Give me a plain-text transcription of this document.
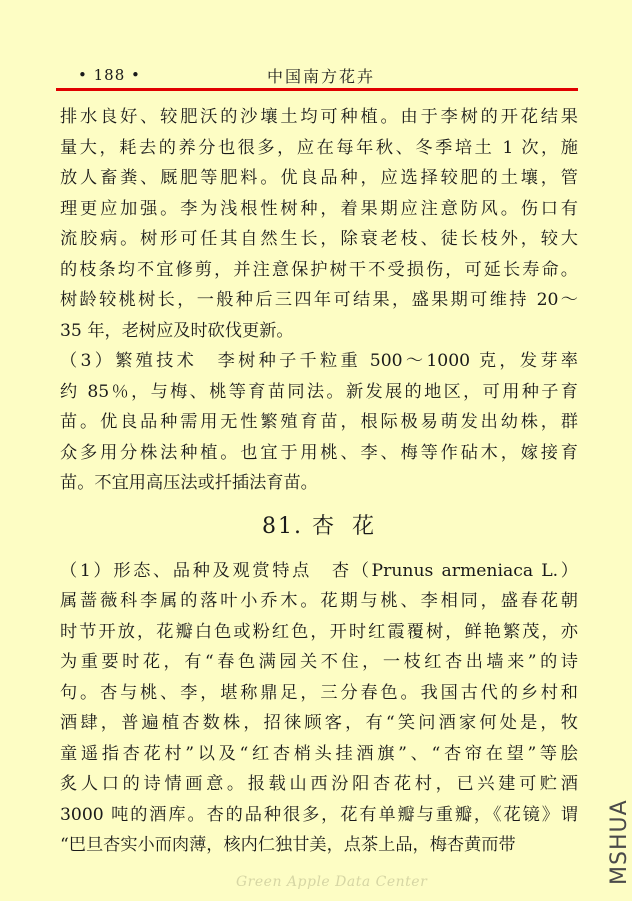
• 188 •	中国南方花卉

排水良好、较肥沃的沙壤土均可种植。由于李树的开花结果

量大，耗去的养分也很多，应在每年秋、冬季培土 1 次，施

放人畜粪、厩肥等肥料。优良品种，应选择较肥的土壤，管

理更应加强。李为浅根性树种，着果期应注意防风。伤口有

流胶病。树形可任其自然生长，除衰老枝、徒长枝外，较大

的枝条均不宜修剪，并注意保护树干不受损伤，可延长寿命。

树龄较桃树长，一般种后三四年可结果，盛果期可维持 20～

35 年，老树应及时砍伐更新。

（3）繁殖技术　李树种子千粒重 500～1000 克，发芽率

约 85％，与梅、桃等育苗同法。新发展的地区，可用种子育

苗。优良品种需用无性繁殖育苗，根际极易萌发出幼株，群

众多用分株法种植。也宜于用桃、李、梅等作砧木，嫁接育

苗。不宜用高压法或扦插法育苗。

81. 杏 花

（1）形态、品种及观赏特点　杏（Prunus armeniaca L.）

属蔷薇科李属的落叶小乔木。花期与桃、李相同，盛春花朝

时节开放，花瓣白色或粉红色，开时红霞覆树，鲜艳繁茂，亦

为重要时花，有“春色满园关不住，一枝红杏出墙来”的诗

句。杏与桃、李，堪称鼎足，三分春色。我国古代的乡村和

酒肆，普遍植杏数株，招徕顾客，有“笑问酒家何处是，牧

童遥指杏花村”以及“红杏梢头挂酒旗”、“杏帘在望”等脍

炙人口的诗情画意。报载山西汾阳杏花村，已兴建可贮酒

3000 吨的酒库。杏的品种很多，花有单瓣与重瓣，《花镜》谓

“巴旦杏实小而肉薄，核内仁独甘美，点茶上品，梅杏黄而带

Green Apple Data Center	MSHUA
